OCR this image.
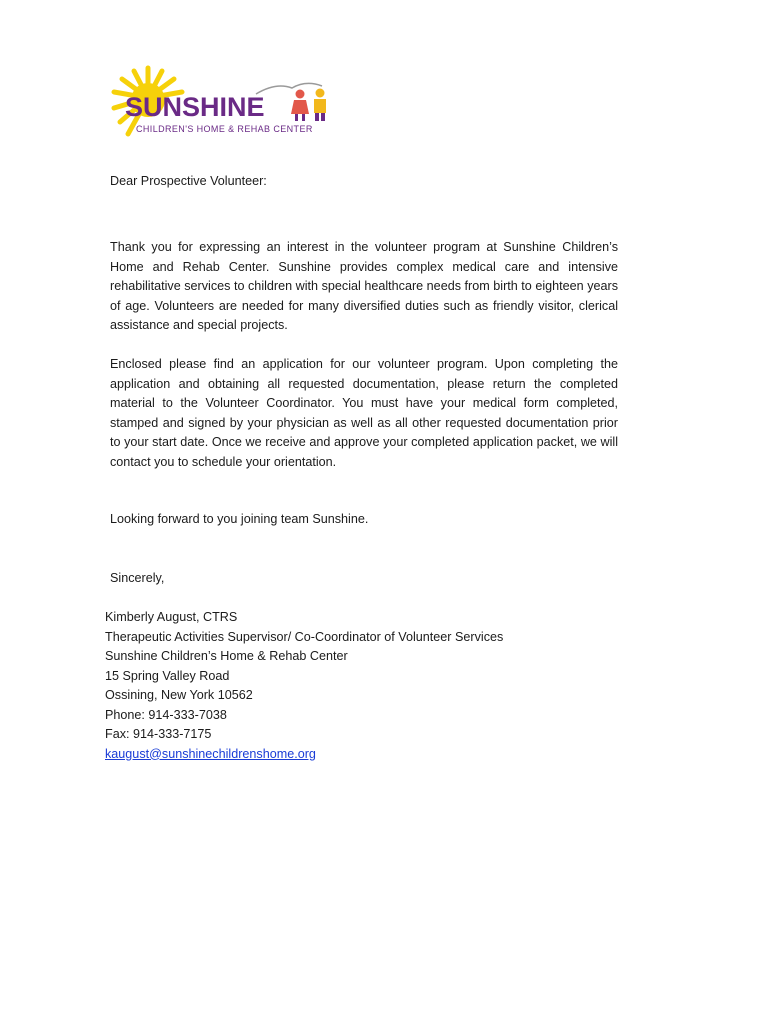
SUNSHINE
CHILDREN'S HOME & REHAB CENTER
Dear Prospective Volunteer:
Thank you for expressing an interest in the volunteer program at Sunshine Children’s Home and Rehab Center. Sunshine provides complex medical care and intensive rehabilitative services to children with special healthcare needs from birth to eighteen years of age. Volunteers are needed for many diversified duties such as friendly visitor, clerical assistance and special projects.
Enclosed please find an application for our volunteer program. Upon completing the application and obtaining all requested documentation, please return the completed material to the Volunteer Coordinator. You must have your medical form completed, stamped and signed by your physician as well as all other requested documentation prior to your start date. Once we receive and approve your completed application packet, we will contact you to schedule your orientation.
Looking forward to you joining team Sunshine.
Sincerely,
Kimberly August, CTRS
Therapeutic Activities Supervisor/ Co-Coordinator of Volunteer Services
Sunshine Children’s Home & Rehab Center
15 Spring Valley Road
Ossining, New York 10562
Phone: 914-333-7038
Fax: 914-333-7175
kaugust@sunshinechildrenshome.org
